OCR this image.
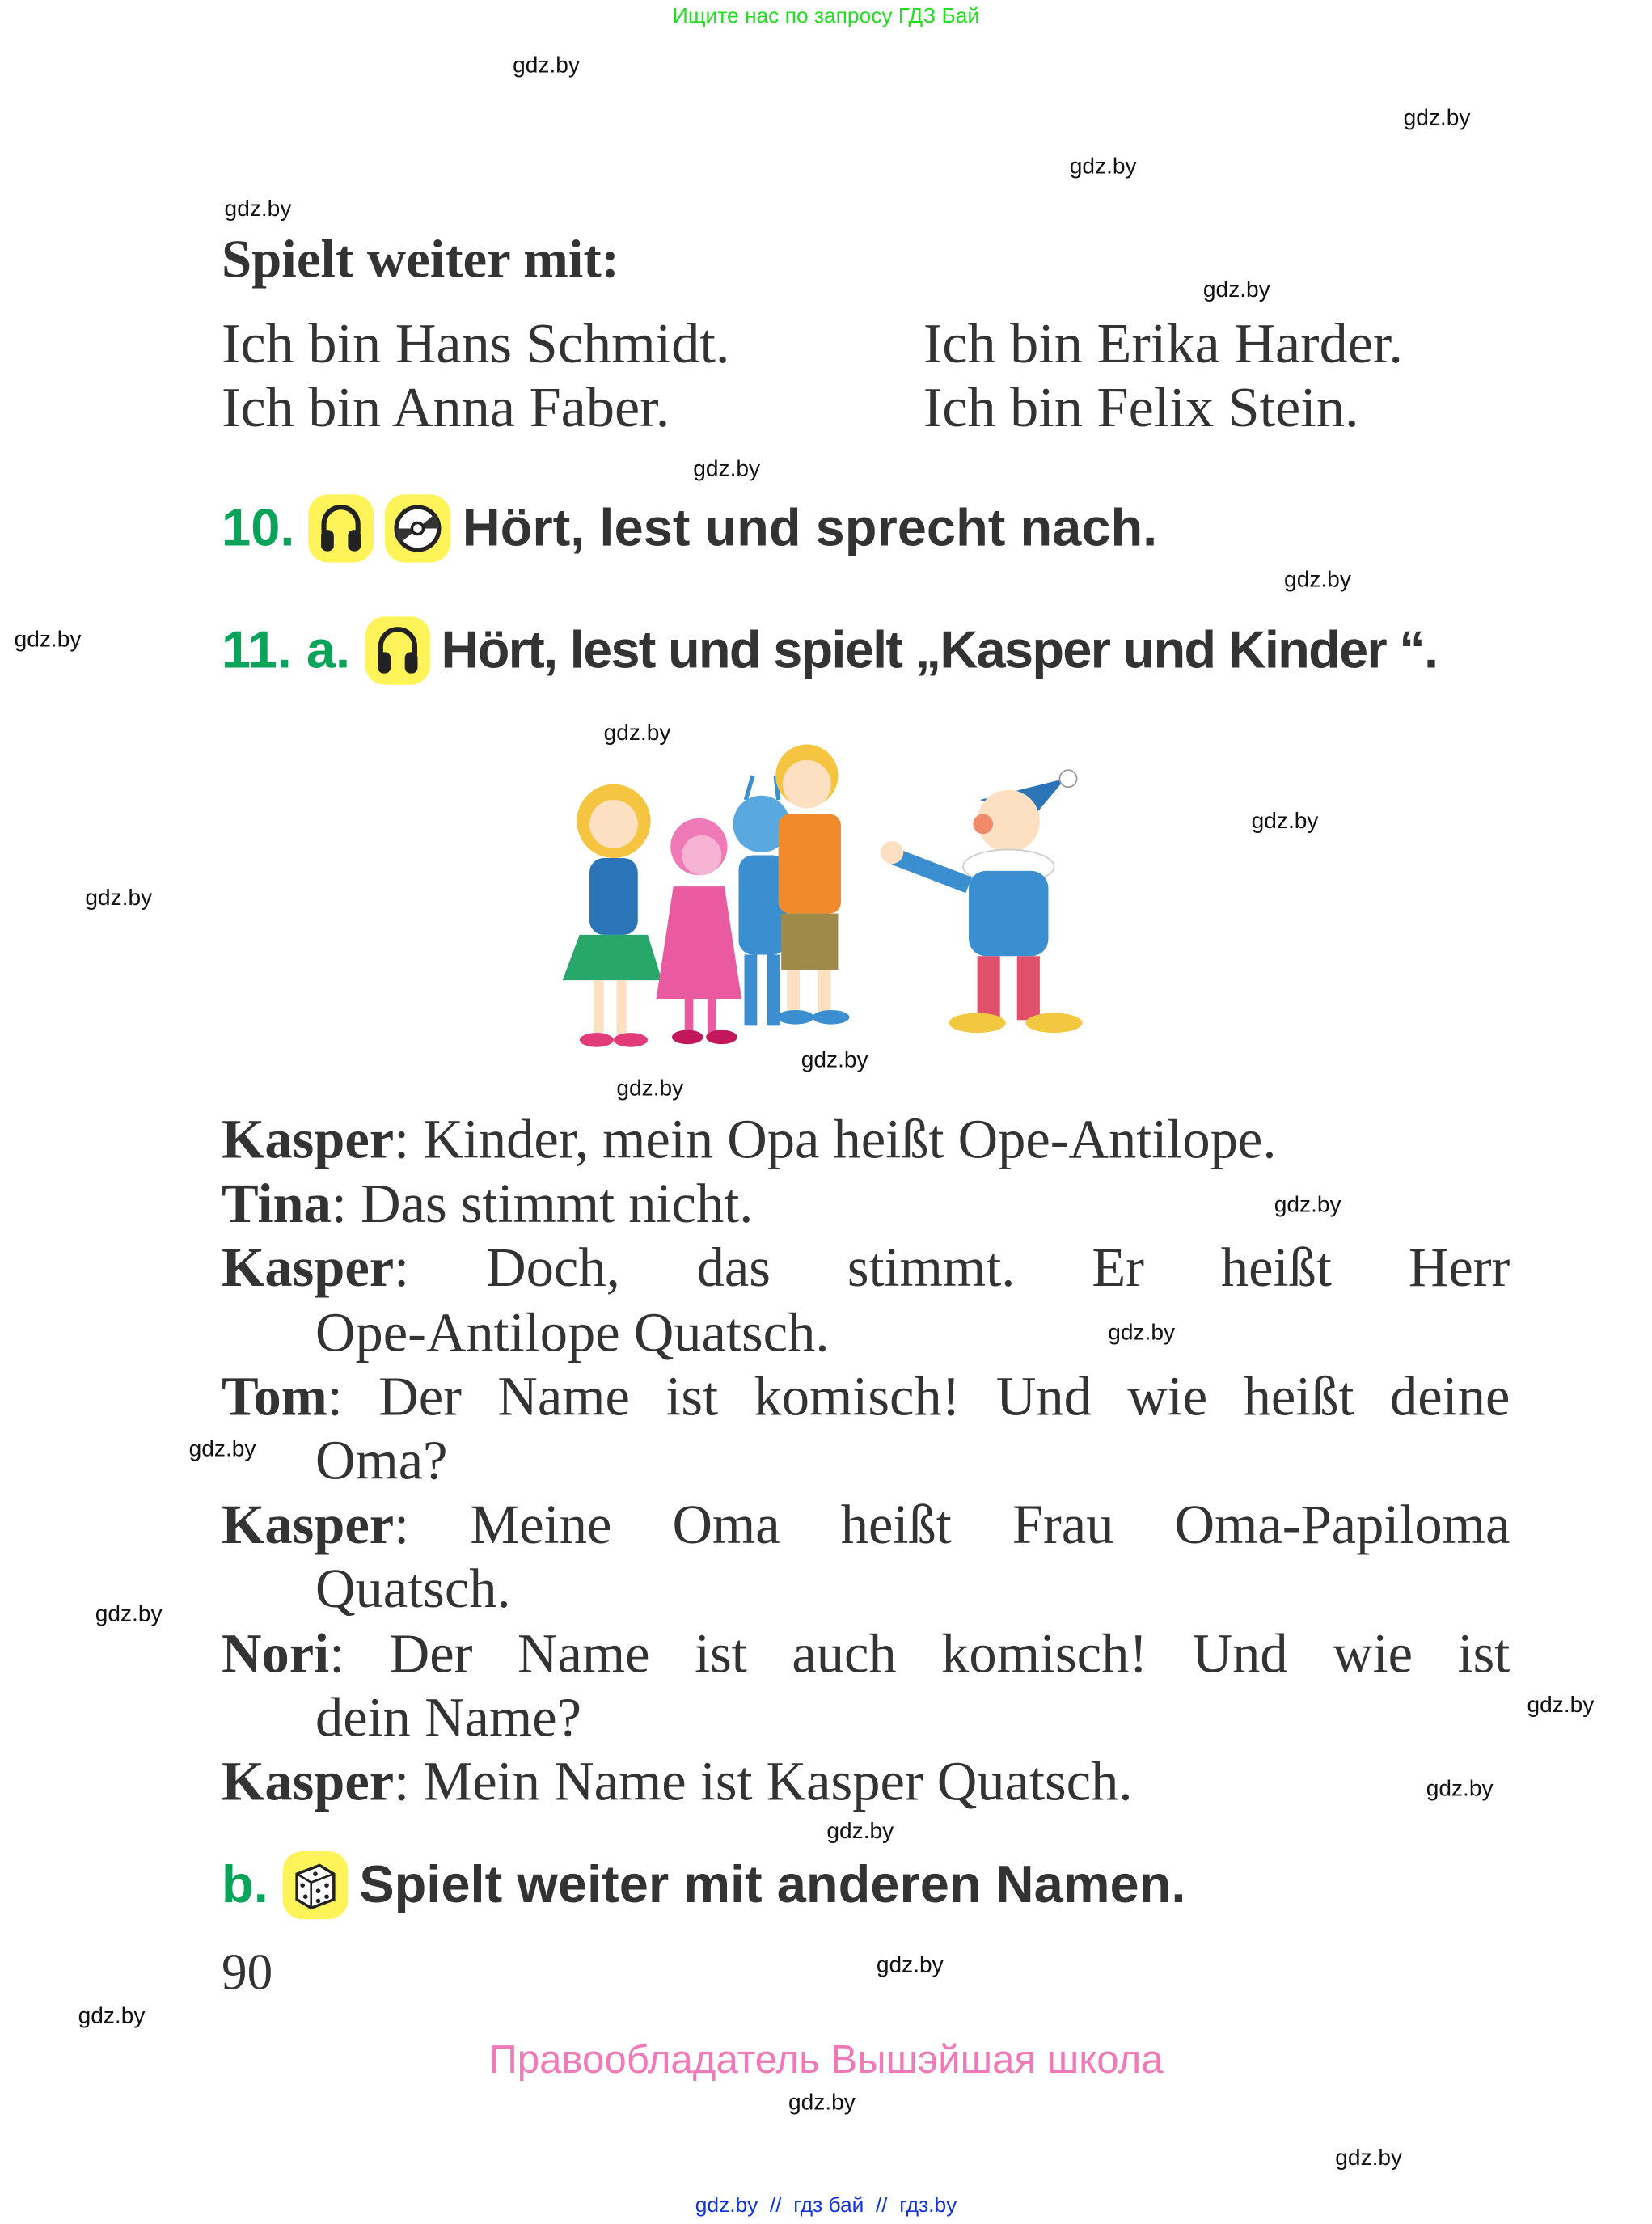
Ищите нас по запросу ГДЗ Бай
gdz.by
gdz.by
gdz.by
gdz.by
gdz.by
gdz.by
gdz.by
gdz.by
gdz.by
gdz.by
gdz.by
gdz.by
gdz.by
gdz.by
gdz.by
gdz.by
gdz.by
gdz.by
gdz.by
gdz.by
gdz.by
gdz.by
gdz.by
gdz.by
Spielt weiter mit:
Ich bin Hans Schmidt.	Ich bin Erika Harder.
Ich bin Anna Faber.	Ich bin Felix Stein.
10.	Hört, lest und sprecht nach.
11. a.	Hört, lest und spielt „Kasper und Kinder “.
Kasper: Kinder, mein Opa heißt Ope-Antilope.
Tina: Das stimmt nicht.
Kasper: Doch, das stimmt. Er heißt Herr
Ope-Antilope Quatsch.
Tom: Der Name ist komisch! Und wie heißt deine
Oma?
Kasper: Meine Oma heißt Frau Oma-Papiloma
Quatsch.
Nori: Der Name ist auch komisch! Und wie ist
dein Name?
Kasper: Mein Name ist Kasper Quatsch.
b.	Spielt weiter mit anderen Namen.
90
Правообладатель Вышэйшая школа
gdz.by  //  гдз бай  //  гдз.by
